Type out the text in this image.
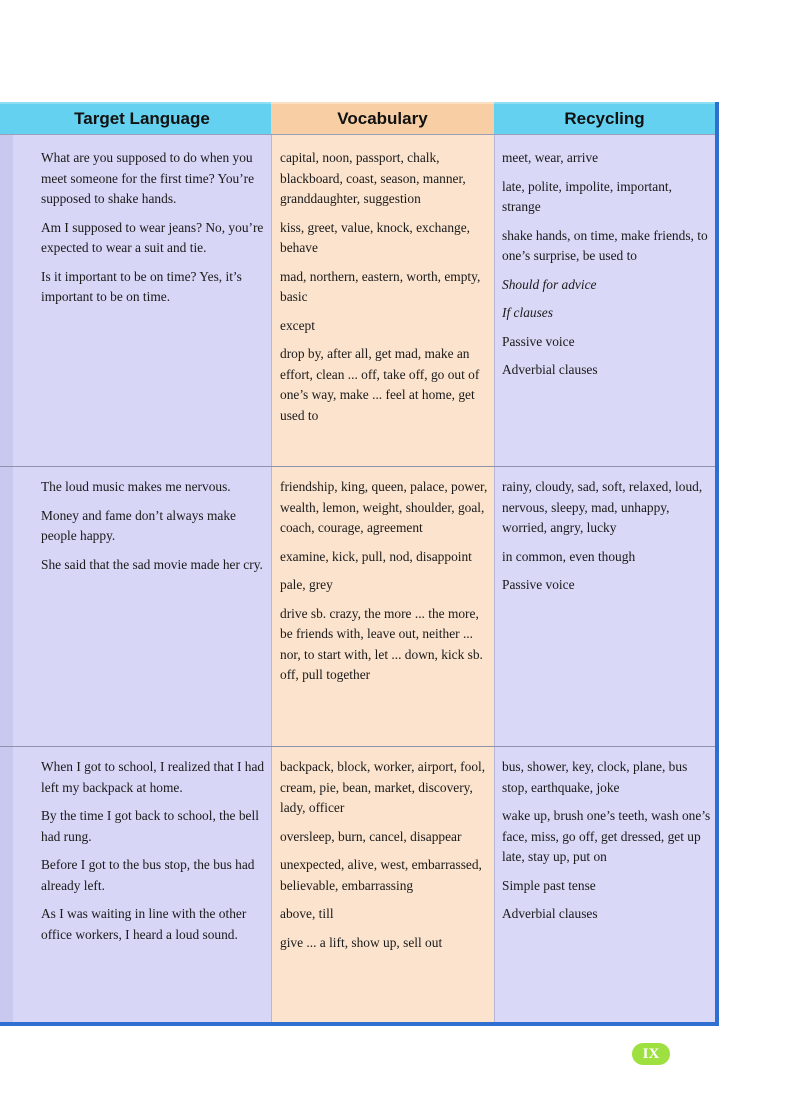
Target Language	Vocabulary	Recycling

What are you supposed to do when you meet someone for the first time? You’re supposed to shake hands.

Am I supposed to wear jeans? No, you’re expected to wear a suit and tie.

Is it important to be on time? Yes, it’s important to be on time.

capital, noon, passport, chalk, blackboard, coast, season, manner, granddaughter, suggestion

kiss, greet, value, knock, exchange, behave

mad, northern, eastern, worth, empty, basic

except

drop by, after all, get mad, make an effort, clean ... off, take off, go out of one’s way, make ... feel at home, get used to

meet, wear, arrive

late, polite, impolite, important, strange

shake hands, on time, make friends, to one’s surprise, be used to

Should for advice

If clauses

Passive voice

Adverbial clauses

The loud music makes me nervous.

Money and fame don’t always make people happy.

She said that the sad movie made her cry.

friendship, king, queen, palace, power, wealth, lemon, weight, shoulder, goal, coach, courage, agreement

examine, kick, pull, nod, disappoint

pale, grey

drive sb. crazy, the more ... the more, be friends with, leave out, neither ... nor, to start with, let ... down, kick sb. off, pull together

rainy, cloudy, sad, soft, relaxed, loud, nervous, sleepy, mad, unhappy, worried, angry, lucky

in common, even though

Passive voice

When I got to school, I realized that I had left my backpack at home.

By the time I got back to school, the bell had rung.

Before I got to the bus stop, the bus had already left.

As I was waiting in line with the other office workers, I heard a loud sound.

backpack, block, worker, airport, fool, cream, pie, bean, market, discovery, lady, officer

oversleep, burn, cancel, disappear

unexpected, alive, west, embarrassed, believable, embarrassing

above, till

give ... a lift, show up, sell out

bus, shower, key, clock, plane, bus stop, earthquake, joke

wake up, brush one’s teeth, wash one’s face, miss, go off, get dressed, get up late, stay up, put on

Simple past tense

Adverbial clauses

IX
